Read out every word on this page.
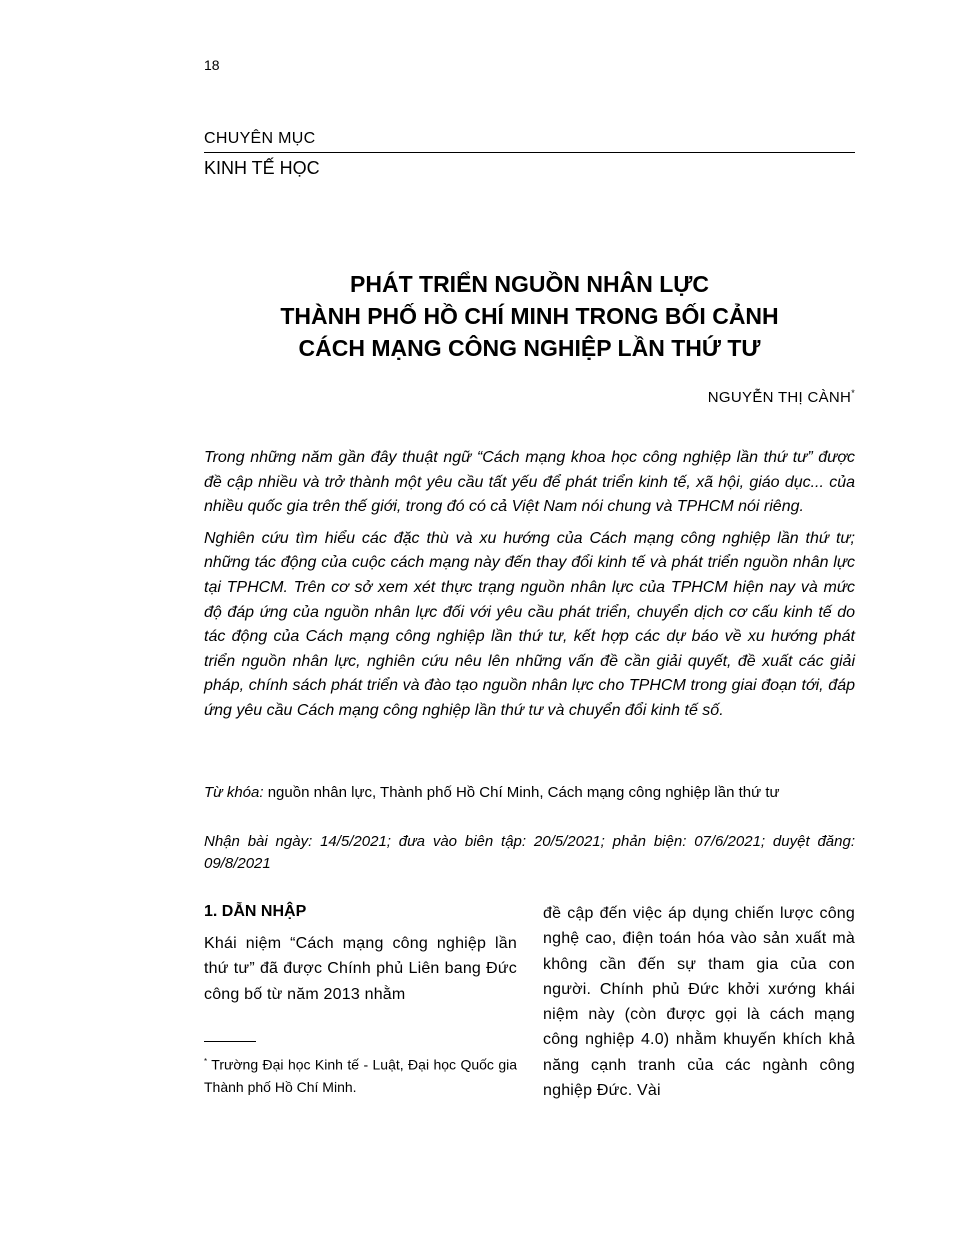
18
CHUYÊN MỤC
KINH TẾ HỌC
PHÁT TRIỂN NGUỒN NHÂN LỰC
THÀNH PHỐ HỒ CHÍ MINH TRONG BỐI CẢNH
CÁCH MẠNG CÔNG NGHIỆP LẦN THỨ TƯ
NGUYỄN THỊ CÀNH*

Trong những năm gần đây thuật ngữ “Cách mạng khoa học công nghiệp lần thứ tư” được đề cập nhiều và trở thành một yêu cầu tất yếu để phát triển kinh tế, xã hội, giáo dục... của nhiều quốc gia trên thế giới, trong đó có cả Việt Nam nói chung và TPHCM nói riêng.

Nghiên cứu tìm hiểu các đặc thù và xu hướng của Cách mạng công nghiệp lần thứ tư; những tác động của cuộc cách mạng này đến thay đổi kinh tế và phát triển nguồn nhân lực tại TPHCM. Trên cơ sở xem xét thực trạng nguồn nhân lực của TPHCM hiện nay và mức độ đáp ứng của nguồn nhân lực đối với yêu cầu phát triển, chuyển dịch cơ cấu kinh tế do tác động của Cách mạng công nghiệp lần thứ tư, kết hợp các dự báo về xu hướng phát triển nguồn nhân lực, nghiên cứu nêu lên những vấn đề cần giải quyết, đề xuất các giải pháp, chính sách phát triển và đào tạo nguồn nhân lực cho TPHCM trong giai đoạn tới, đáp ứng yêu cầu Cách mạng công nghiệp lần thứ tư và chuyển đổi kinh tế số.

Từ khóa: nguồn nhân lực, Thành phố Hồ Chí Minh, Cách mạng công nghiệp lần thứ tư
Nhận bài ngày: 14/5/2021; đưa vào biên tập: 20/5/2021; phản biện: 07/6/2021; duyệt đăng: 09/8/2021
1. DẪN NHẬP

Khái niệm “Cách mạng công nghiệp lần thứ tư” đã được Chính phủ Liên bang Đức công bố từ năm 2013 nhằm

đề cập đến việc áp dụng chiến lược công nghệ cao, điện toán hóa vào sản xuất mà không cần đến sự tham gia của con người. Chính phủ Đức khởi xướng khái niệm này (còn được gọi là cách mạng công nghiệp 4.0) nhằm khuyến khích khả năng cạnh tranh của các ngành công nghiệp Đức. Vài

* Trường Đại học Kinh tế - Luật, Đại học Quốc gia Thành phố Hồ Chí Minh.
